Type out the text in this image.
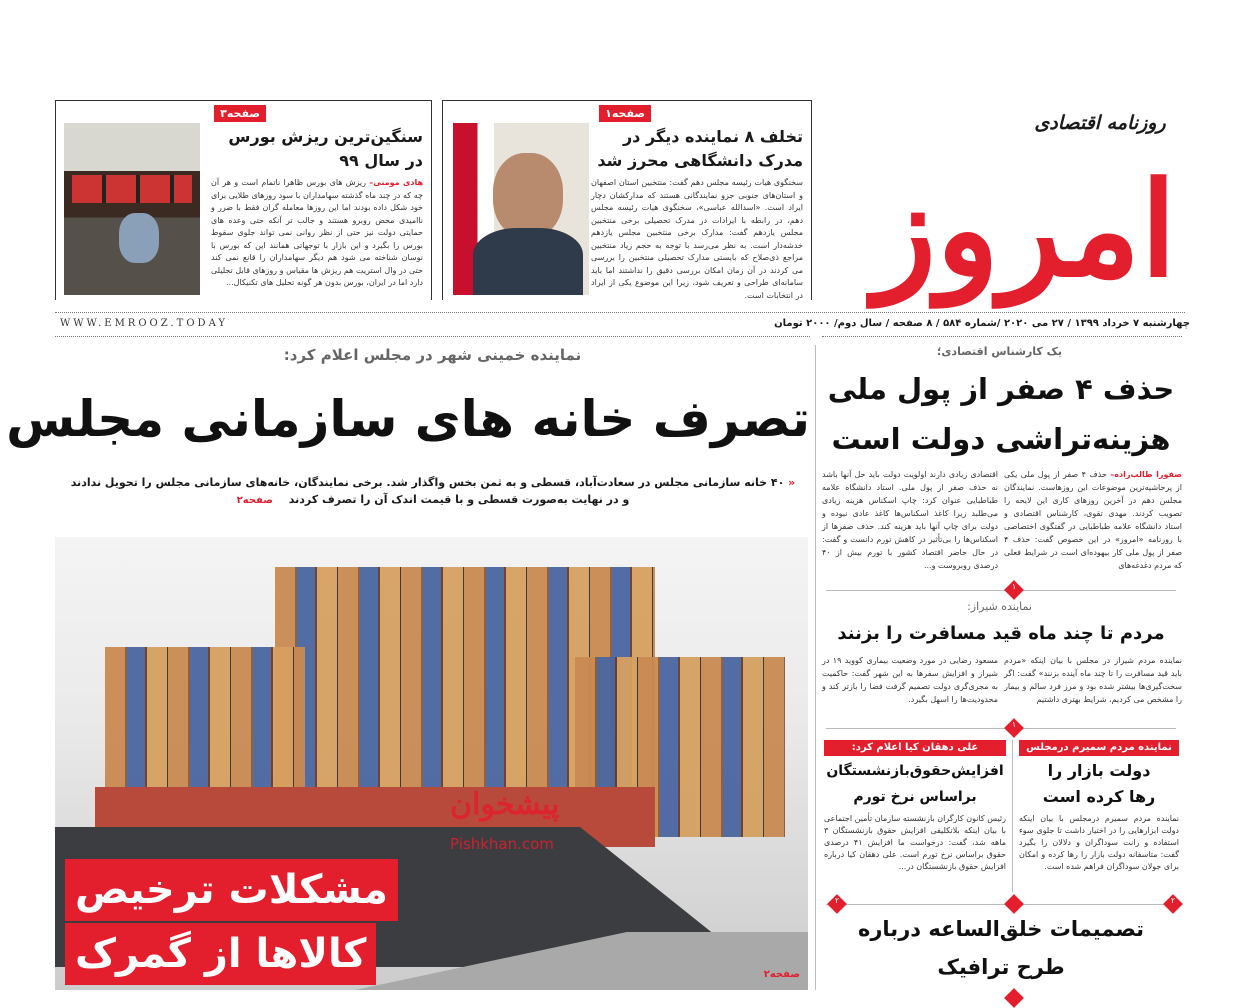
امروز
روزنامه اقتصادی
صفحه۱
تخلف ۸ نماینده دیگر در مدرک دانشگاهی محرز شد

سخنگوی هیات رئیسه مجلس دهم گفت: منتخبین استان اصفهان و استان‌های جنوبی جزو نمایندگانی هستند که مدارکشان دچار ایراد است. «اسدالله عباسی»، سخنگوی هیات رئیسه مجلس دهم، در رابطه با ایرادات در مدرک تحصیلی برخی منتخبین مجلس یازدهم گفت: مدارک برخی منتخبین مجلس یازدهم خدشه‌دار است. به نظر می‌رسد با توجه به حجم زیاد منتخبین مراجع ذی‌صلاح که بایستی مدارک تحصیلی منتخبین را بررسی می کردند در آن زمان امکان بررسی دقیق را نداشتند اما باید سامانه‌ای طراحی و تعریف شود، زیرا این موضوع یکی از ایراد در انتخابات است.

صفحه۳
سنگین‌ترین ریزش بورس در سال ۹۹

هادی مومنی– ریزش های بورس ظاهرا ناتمام است و هر آن چه که در چند ماه گذشته سهامداران با سود روزهای طلایی برای خود شکل داده بودند اما این روزها معامله گران فقط با ضرر و ناامیدی محض روبرو هستند و جالب تر آنکه حتی وعده های حمایتی دولت نیز حتی از نظر روانی نمی تواند جلوی سقوط بورس را بگیرد و این بازار با توجهاتی همانند این که بورس با نوسان شناخته می شود هم دیگر سهامداران را قانع نمی کند حتی در وال استریت هم ریزش ها مقیاس و روزهای قابل تحلیلی دارد اما در ایران، بورس بدون هر گونه تحلیل های تکنیکال...

WWW.EMROOZ.TODAY	چهارشنبه ۷ خرداد ۱۳۹۹ / ۲۷ می ۲۰۲۰ /شماره ۵۸۴ / ۸ صفحه / سال دوم/ ۲۰۰۰ تومان
نماینده خمینی شهر در مجلس اعلام کرد:
تصرف خانه های سازمانی مجلس
« ۴۰ خانه سازمانی مجلس در سعادت‌آباد، قسطی و به ثمن بخس واگذار شد. برخی نمایندگان، خانه‌های سازمانی مجلس را تحویل ندادند
و در نهایت به‌صورت قسطی و با قیمت اندک آن را تصرف کردند صفحه۲
پیشخوان
Pishkhan.com
مشکلات ترخیص
کالاها از گمرک	صفحه۲
یک کارشناس اقتصادی؛
حذف ۴ صفر از پول ملی
هزینه‌تراشی دولت است
صفورا طالب‌زاده– حذف ۴ صفر از پول ملی یکی از پرحاشیه‌ترین موضوعات این روزهاست. نمایندگان مجلس دهم در آخرین روزهای کاری این لایحه را تصویب کردند. مهدی تقوی، کارشناس اقتصادی و استاد دانشگاه علامه طباطبایی در گفتگوی اختصاصی با روزنامه «امروز» در این خصوص گفت: حذف ۴ صفر از پول ملی کار بیهوده‌ای است در شرایط فعلی که مردم دغدغه‌های
اقتصادی زیادی دارند اولویت دولت باید حل آنها باشد نه حذف صفر از پول ملی. استاد دانشگاه علامه طباطبایی عنوان کرد: چاپ اسکناس هزینه زیادی می‌طلبد زیرا کاغذ اسکناس‌ها کاغذ عادی نبوده و دولت برای چاپ آنها باید هزینه کند. حذف صفرها از اسکناس‌ها را بی‌تأثیر در کاهش تورم دانست و گفت: در حال حاضر اقتصاد کشور با تورم بیش از ۴۰ درصدی روبروست و...
۱
نماینده شیراز:
مردم تا چند ماه قید مسافرت را بزنند
نماینده مردم شیراز در مجلس با بیان اینکه «مردم باید قید مسافرت را تا چند ماه آینده بزنند» گفت: اگر سخت‌گیری‌ها بیشتر شده بود و مرز فرد سالم و بیمار را مشخص می کردیم، شرایط بهتری داشتیم
مسعود رضایی در مورد وضعیت بیماری کووید ۱۹ در شیراز و افزایش سفرها به این شهر گفت: حاکمیت به مجری‌گری دولت تصمیم گرفت فضا را بازتر کند و محدودیت‌ها را اسهل بگیرد.
۱
نماینده مردم سمیرم درمجلس
دولت بازار را
رها کرده است
نماینده مردم سمیرم درمجلس با بیان اینکه دولت ابزارهایی را در اختیار داشت تا جلوی سوء استفاده و رانت سوداگران و دلالان را بگیرد گفت: متاسفانه دولت بازار را رها کرده و امکان برای جولان سوداگران فراهم شده است.
علی دهقان کیا اعلام کرد:
افزایش‌حقوق‌بازنشستگان
براساس نرخ تورم
رئیس کانون کارگران بازنشسته سازمان تأمین اجتماعی با بیان اینکه بلاتکلیفی افزایش حقوق بازنشستگان ۳ ماهه شد، گفت: درخواست ما افزایش ۴۱ درصدی حقوق براساس نرخ تورم است. علی دهقان کیا درباره افزایش حقوق بازنشستگان در...
۲
۲
تصمیمات خلق‌الساعه درباره
طرح ترافیک
